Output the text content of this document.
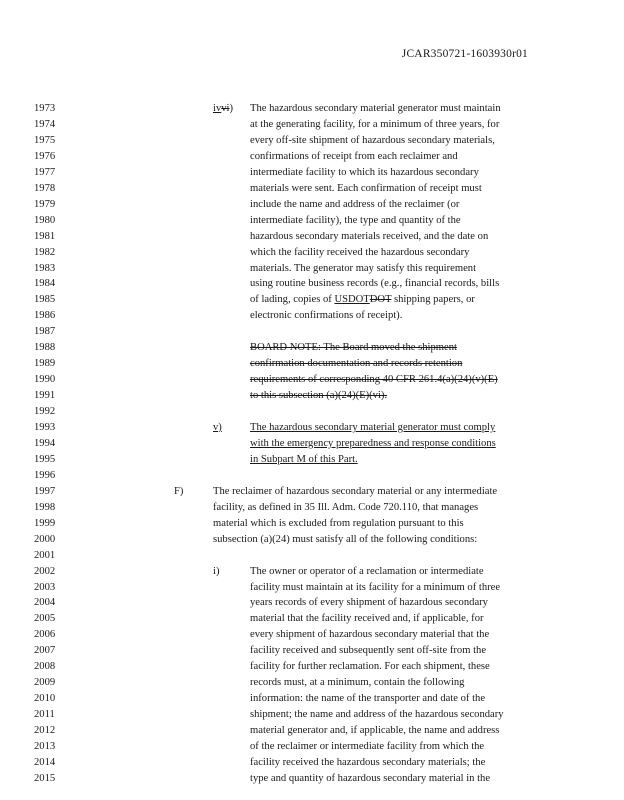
JCAR350721-1603930r01
1973	ivvi) The hazardous secondary material generator must maintain
1974	at the generating facility, for a minimum of three years, for
1975	every off-site shipment of hazardous secondary materials,
1976	confirmations of receipt from each reclaimer and
1977	intermediate facility to which its hazardous secondary
1978	materials were sent. Each confirmation of receipt must
1979	include the name and address of the reclaimer (or
1980	intermediate facility), the type and quantity of the
1981	hazardous secondary materials received, and the date on
1982	which the facility received the hazardous secondary
1983	materials. The generator may satisfy this requirement
1984	using routine business records (e.g., financial records, bills
1985	of lading, copies of USDOTDOT shipping papers, or
1986	electronic confirmations of receipt).
1987
1988	BOARD NOTE: The Board moved the shipment
1989	confirmation documentation and records retention
1990	requirements of corresponding 40 CFR 261.4(a)(24)(v)(E)
1991	to this subsection (a)(24)(E)(vi).
1992
1993	v)	The hazardous secondary material generator must comply
1994	with the emergency preparedness and response conditions
1995	in Subpart M of this Part.
1996
1997	F)	The reclaimer of hazardous secondary material or any intermediate
1998	facility, as defined in 35 Ill. Adm. Code 720.110, that manages
1999	material which is excluded from regulation pursuant to this
2000	subsection (a)(24) must satisfy all of the following conditions:
2001
2002	i)	The owner or operator of a reclamation or intermediate
2003	facility must maintain at its facility for a minimum of three
2004	years records of every shipment of hazardous secondary
2005	material that the facility received and, if applicable, for
2006	every shipment of hazardous secondary material that the
2007	facility received and subsequently sent off-site from the
2008	facility for further reclamation. For each shipment, these
2009	records must, at a minimum, contain the following
2010	information: the name of the transporter and date of the
2011	shipment; the name and address of the hazardous secondary
2012	material generator and, if applicable, the name and address
2013	of the reclaimer or intermediate facility from which the
2014	facility received the hazardous secondary materials; the
2015	type and quantity of hazardous secondary material in the
